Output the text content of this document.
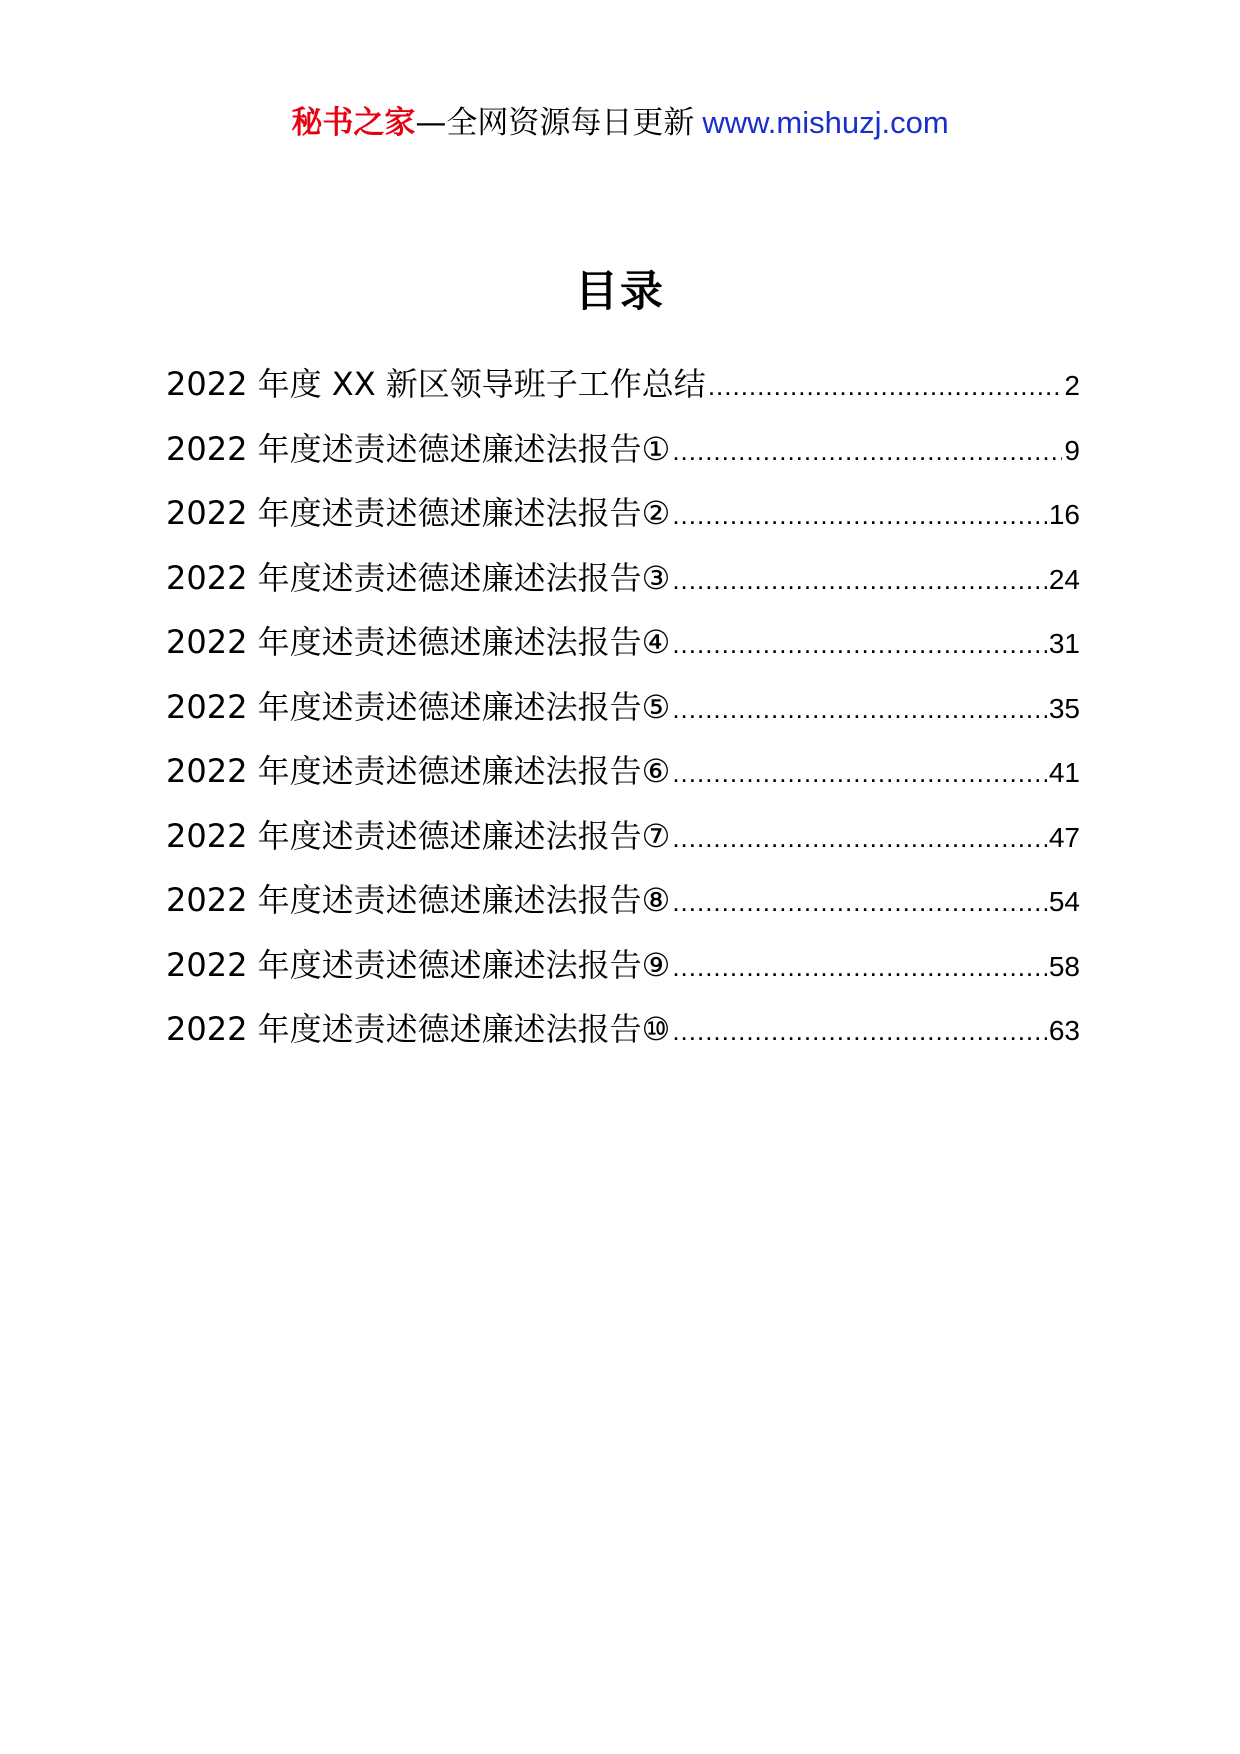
秘书之家—全网资源每日更新 www.mishuzj.com
目录
2022 年度 XX 新区领导班子工作总结 .....	2
2022 年度述责述德述廉述法报告① .....	9
2022 年度述责述德述廉述法报告② .....	16
2022 年度述责述德述廉述法报告③ .....	24
2022 年度述责述德述廉述法报告④ .....	31
2022 年度述责述德述廉述法报告⑤ .....	35
2022 年度述责述德述廉述法报告⑥ .....	41
2022 年度述责述德述廉述法报告⑦ .....	47
2022 年度述责述德述廉述法报告⑧ .....	54
2022 年度述责述德述廉述法报告⑨ .....	58
2022 年度述责述德述廉述法报告⑩ .....	63
